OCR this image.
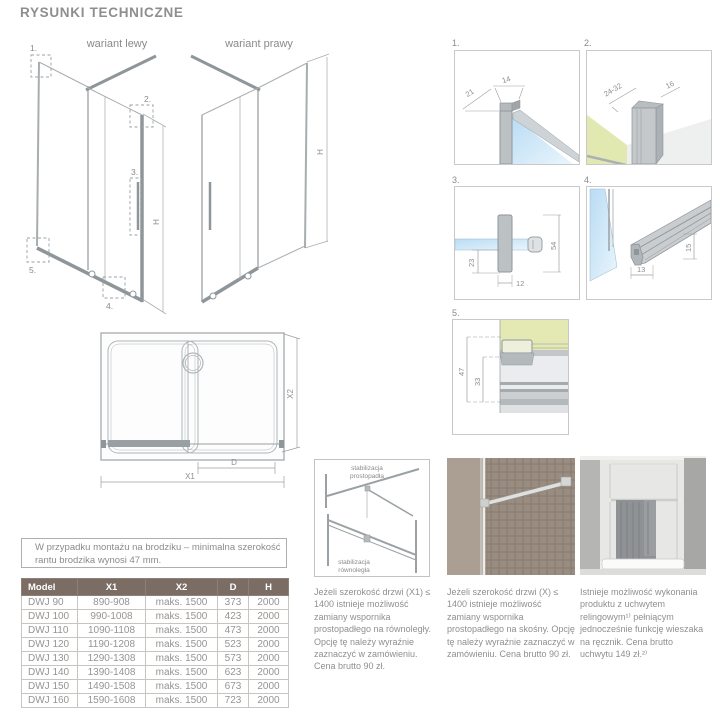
RYSUNKI TECHNICZNE
wariant lewy	wariant prawy
H
1.
2.
3.
4.
5.
H
X2
D
X1
1.
14
21
2.
24-32	16
3.
23
12
54
4.
13
15
5.
47
33
W przypadku montażu na brodziku – minimalna szerokość rantu brodzika wynosi 47 mm.
Model	X1	X2	D	H
DWJ 90	890-908	maks. 1500	373	2000
DWJ 100	990-1008	maks. 1500	423	2000
DWJ 110	1090-1108	maks. 1500	473	2000
DWJ 120	1190-1208	maks. 1500	523	2000
DWJ 130	1290-1308	maks. 1500	573	2000
DWJ 140	1390-1408	maks. 1500	623	2000
DWJ 150	1490-1508	maks. 1500	673	2000
DWJ 160	1590-1608	maks. 1500	723	2000
stabilizacja
prostopadła
stabilizacja
równoległa
Jeżeli szerokość drzwi (X1) ≤ 1400 istnieje możliwość zamiany wspornika prostopadłego na równoległy. Opcję tę należy wyraźnie zaznaczyć w zamówieniu. Cena brutto 90 zł.
Jeżeli szerokość drzwi (X) ≤ 1400 istnieje możliwość zamiany wspornika prostopadłego na skośny. Opcję tę należy wyraźnie zaznaczyć w zamówieniu. Cena brutto 90 zł.
Istnieje możliwość wykonania produktu z uchwytem relingowym¹⁾ pełniącym jednocześnie funkcję wieszaka na ręcznik. Cena brutto uchwytu 149 zł.²⁾
